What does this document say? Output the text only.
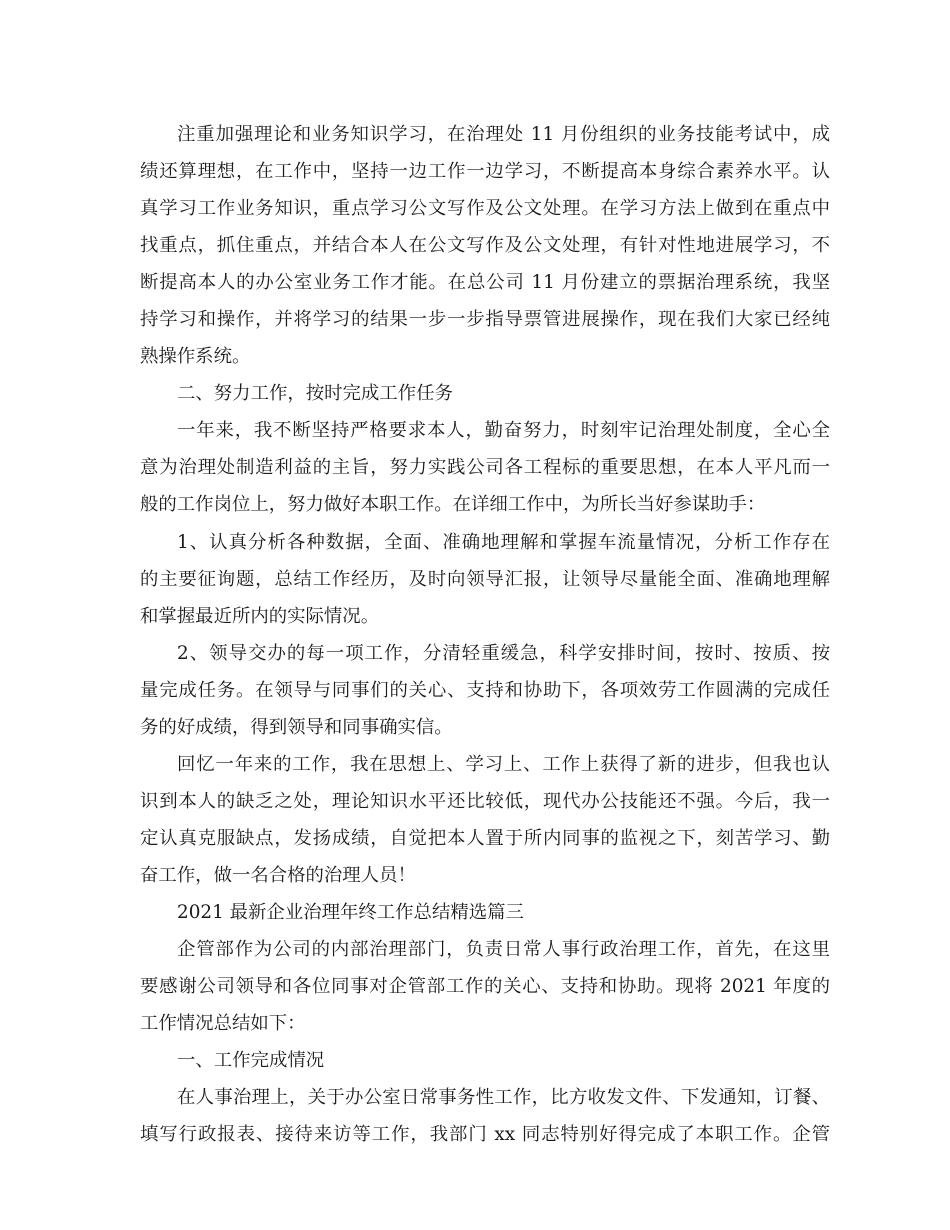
注重加强理论和业务知识学习，在治理处 11 月份组织的业务技能考试中，成
绩还算理想，在工作中，坚持一边工作一边学习，不断提高本身综合素养水平。认
真学习工作业务知识，重点学习公文写作及公文处理。在学习方法上做到在重点中
找重点，抓住重点，并结合本人在公文写作及公文处理，有针对性地进展学习，不
断提高本人的办公室业务工作才能。在总公司 11 月份建立的票据治理系统，我坚
持学习和操作，并将学习的结果一步一步指导票管进展操作，现在我们大家已经纯
熟操作系统。
二、努力工作，按时完成工作任务
一年来，我不断坚持严格要求本人，勤奋努力，时刻牢记治理处制度，全心全
意为治理处制造利益的主旨，努力实践公司各工程标的重要思想，在本人平凡而一
般的工作岗位上，努力做好本职工作。在详细工作中，为所长当好参谋助手：
1、认真分析各种数据，全面、准确地理解和掌握车流量情况，分析工作存在
的主要征询题，总结工作经历，及时向领导汇报，让领导尽量能全面、准确地理解
和掌握最近所内的实际情况。
2、领导交办的每一项工作，分清轻重缓急，科学安排时间，按时、按质、按
量完成任务。在领导与同事们的关心、支持和协助下，各项效劳工作圆满的完成任
务的好成绩，得到领导和同事确实信。
回忆一年来的工作，我在思想上、学习上、工作上获得了新的进步，但我也认
识到本人的缺乏之处，理论知识水平还比较低，现代办公技能还不强。今后，我一
定认真克服缺点，发扬成绩，自觉把本人置于所内同事的监视之下，刻苦学习、勤
奋工作，做一名合格的治理人员！
2021 最新企业治理年终工作总结精选篇三
企管部作为公司的内部治理部门，负责日常人事行政治理工作，首先，在这里
要感谢公司领导和各位同事对企管部工作的关心、支持和协助。现将 2021 年度的
工作情况总结如下：
一、工作完成情况
在人事治理上，关于办公室日常事务性工作，比方收发文件、下发通知，订餐、
填写行政报表、接待来访等工作，我部门 xx 同志特别好得完成了本职工作。企管
